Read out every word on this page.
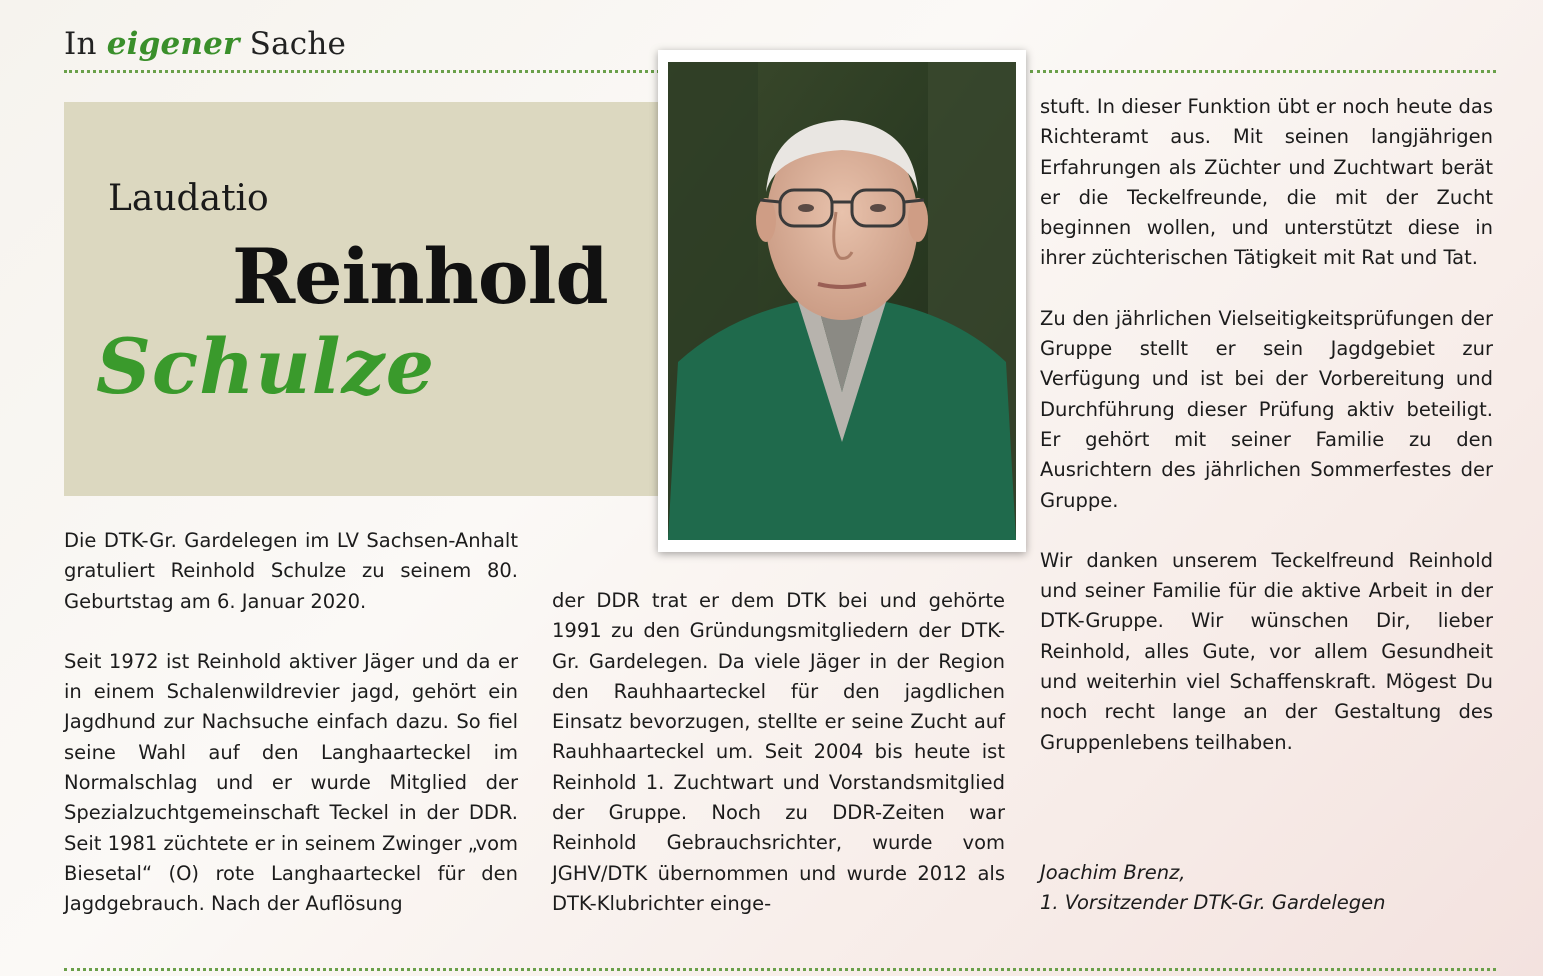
In eigener Sache
Laudatio
Reinhold
Schulze

Die DTK-Gr. Gardelegen im LV Sachsen-Anhalt gratuliert Reinhold Schulze zu seinem 80. Geburtstag am 6. Januar 2020.

Seit 1972 ist Reinhold aktiver Jäger und da er in einem Schalenwildrevier jagd, gehört ein Jagdhund zur Nachsuche einfach dazu. So fiel seine Wahl auf den Langhaarteckel im Normalschlag und er wurde Mitglied der Spezialzuchtgemeinschaft Teckel in der DDR. Seit 1981 züchtete er in seinem Zwinger „vom Biesetal“ (O) rote Langhaarteckel für den Jagdgebrauch. Nach der Auflösung

der DDR trat er dem DTK bei und gehörte 1991 zu den Gründungsmitgliedern der DTK-Gr. Gardelegen. Da viele Jäger in der Region den Rauhhaarteckel für den jagdlichen Einsatz bevorzugen, stellte er seine Zucht auf Rauhhaarteckel um. Seit 2004 bis heute ist Reinhold 1. Zuchtwart und Vorstandsmitglied der Gruppe. Noch zu DDR-Zeiten war Reinhold Gebrauchsrichter, wurde vom JGHV/DTK übernommen und wurde 2012 als DTK-Klubrichter einge-

stuft. In dieser Funktion übt er noch heute das Richteramt aus. Mit seinen langjährigen Erfahrungen als Züchter und Zuchtwart berät er die Teckelfreunde, die mit der Zucht beginnen wollen, und unterstützt diese in ihrer züchterischen Tätigkeit mit Rat und Tat.

Zu den jährlichen Vielseitigkeitsprüfungen der Gruppe stellt er sein Jagdgebiet zur Verfügung und ist bei der Vorbereitung und Durchführung dieser Prüfung aktiv beteiligt. Er gehört mit seiner Familie zu den Ausrichtern des jährlichen Sommerfestes der Gruppe.

Wir danken unserem Teckelfreund Reinhold und seiner Familie für die aktive Arbeit in der DTK-Gruppe. Wir wünschen Dir, lieber Reinhold, alles Gute, vor allem Gesundheit und weiterhin viel Schaffenskraft. Mögest Du noch recht lange an der Gestaltung des Gruppenlebens teilhaben.

Joachim Brenz,
1. Vorsitzender DTK-Gr. Gardelegen
